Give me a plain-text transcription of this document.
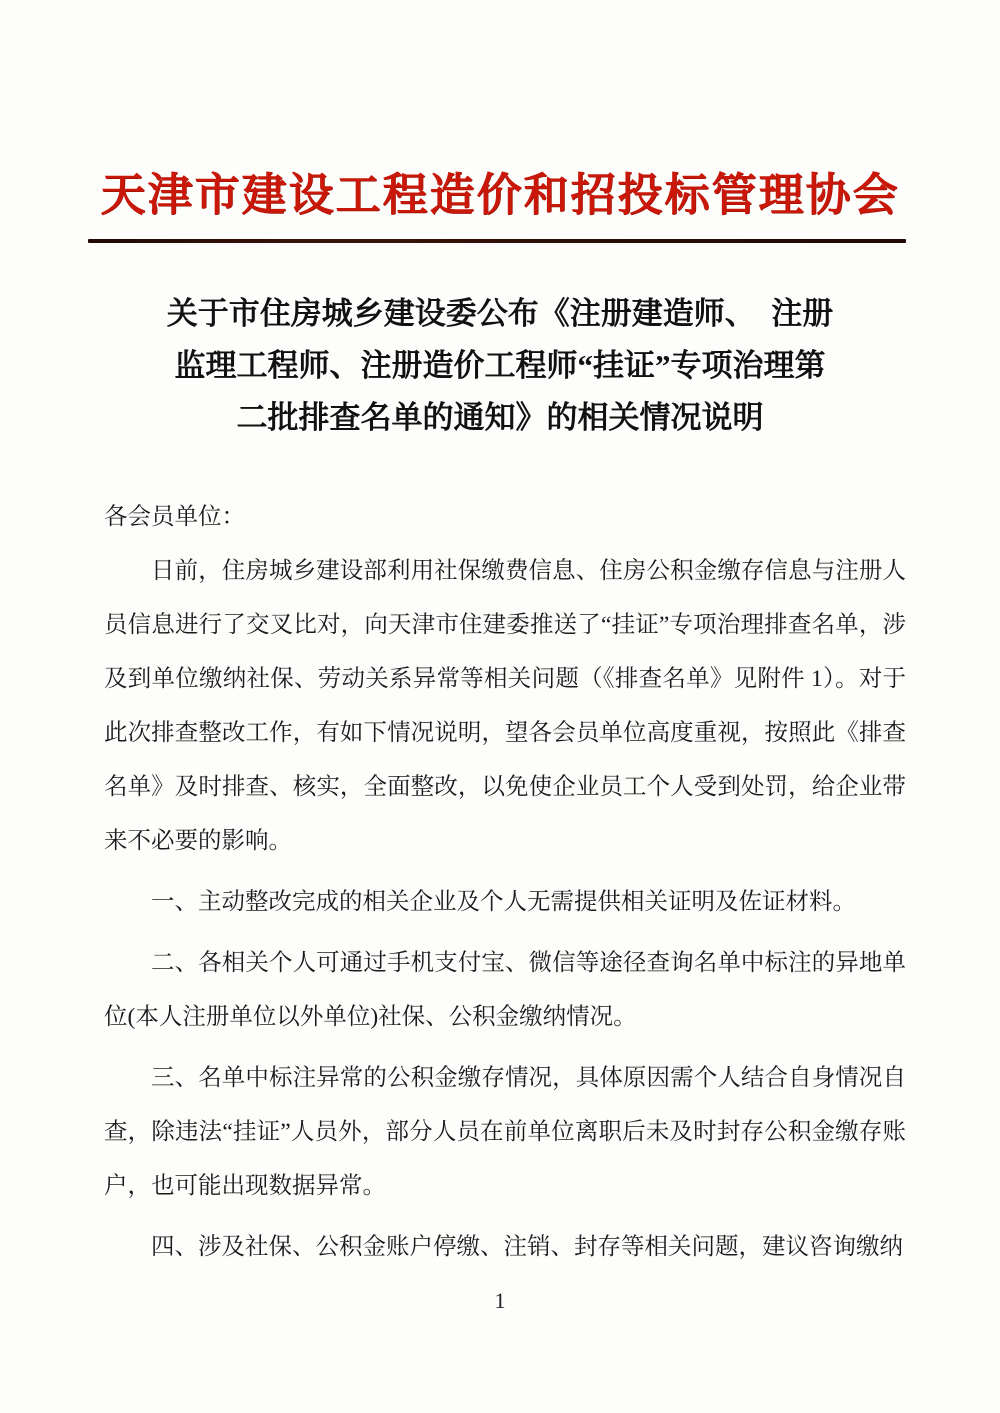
天津市建设工程造价和招投标管理协会
关于市住房城乡建设委公布《注册建造师、　注册
监理工程师、注册造价工程师“挂证”专项治理第
二批排查名单的通知》的相关情况说明

各会员单位：

日前，住房城乡建设部利用社保缴费信息、住房公积金缴存信息与注册人员信息进行了交叉比对，向天津市住建委推送了“挂证”专项治理排查名单，涉及到单位缴纳社保、劳动关系异常等相关问题（《排查名单》见附件 1）。对于此次排查整改工作，有如下情况说明，望各会员单位高度重视，按照此《排查名单》及时排查、核实，全面整改，以免使企业员工个人受到处罚，给企业带来不必要的影响。

一、主动整改完成的相关企业及个人无需提供相关证明及佐证材料。

二、各相关个人可通过手机支付宝、微信等途径查询名单中标注的异地单位(本人注册单位以外单位)社保、公积金缴纳情况。

三、名单中标注异常的公积金缴存情况，具体原因需个人结合自身情况自查，除违法“挂证”人员外，部分人员在前单位离职后未及时封存公积金缴存账户，也可能出现数据异常。

四、涉及社保、公积金账户停缴、注销、封存等相关问题，建议咨询缴纳

1
